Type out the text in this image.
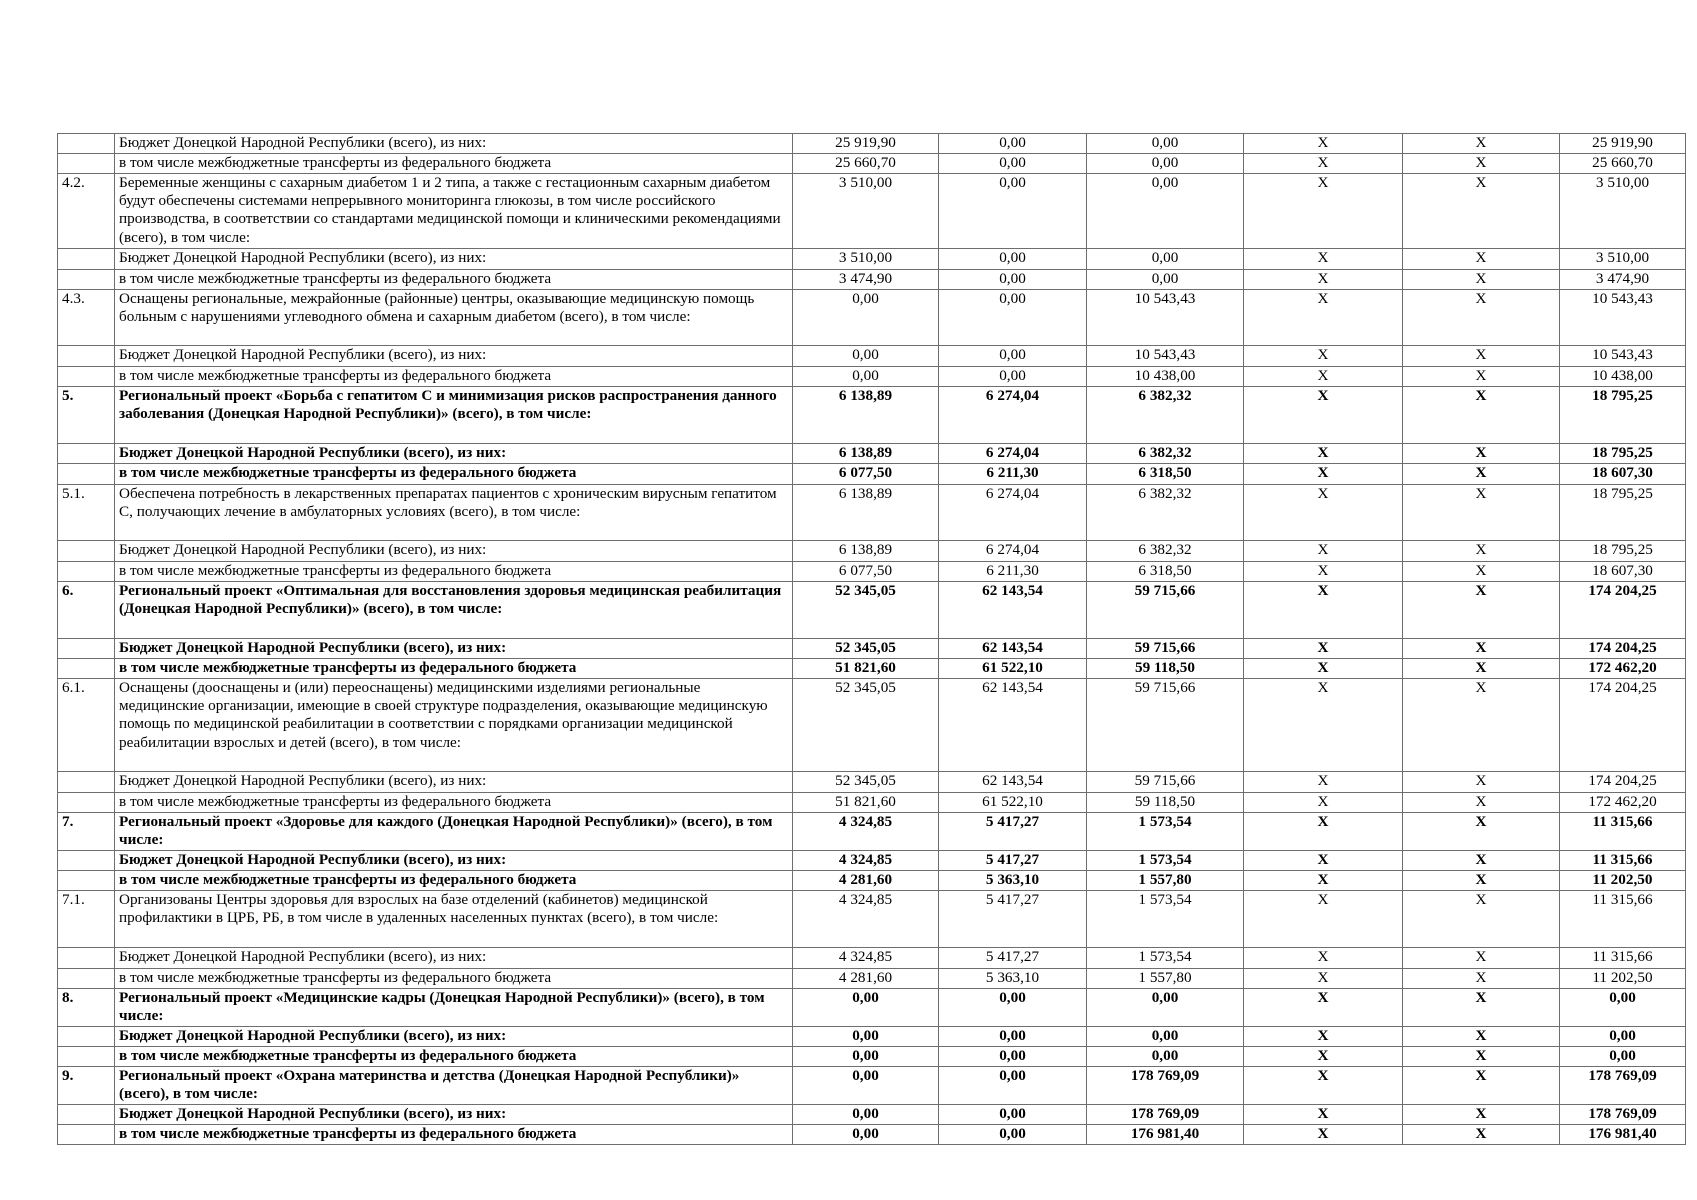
	Бюджет Донецкой Народной Республики (всего), из них:	25 919,90	0,00	0,00	X	X	25 919,90
	в том числе межбюджетные трансферты из федерального бюджета	25 660,70	0,00	0,00	X	X	25 660,70
4.2.	Беременные женщины с сахарным диабетом 1 и 2 типа, а также с гестационным сахарным диабетом будут обеспечены системами непрерывного мониторинга глюкозы, в том числе российского производства, в соответствии со стандартами медицинской помощи и клиническими рекомендациями (всего), в том числе:	3 510,00	0,00	0,00	X	X	3 510,00
	Бюджет Донецкой Народной Республики (всего), из них:	3 510,00	0,00	0,00	X	X	3 510,00
	в том числе межбюджетные трансферты из федерального бюджета	3 474,90	0,00	0,00	X	X	3 474,90
4.3.	Оснащены региональные, межрайонные (районные) центры, оказывающие медицинскую помощь больным с нарушениями углеводного обмена и сахарным диабетом (всего), в том числе:	0,00	0,00	10 543,43	X	X	10 543,43
	Бюджет Донецкой Народной Республики (всего), из них:	0,00	0,00	10 543,43	X	X	10 543,43
	в том числе межбюджетные трансферты из федерального бюджета	0,00	0,00	10 438,00	X	X	10 438,00
5.	Региональный проект «Борьба с гепатитом С и минимизация рисков распространения данного заболевания (Донецкая Народной Республики)» (всего), в том числе:	6 138,89	6 274,04	6 382,32	X	X	18 795,25
	Бюджет Донецкой Народной Республики (всего), из них:	6 138,89	6 274,04	6 382,32	X	X	18 795,25
	в том числе межбюджетные трансферты из федерального бюджета	6 077,50	6 211,30	6 318,50	X	X	18 607,30
5.1.	Обеспечена потребность в лекарственных препаратах пациентов с хроническим вирусным гепатитом С, получающих лечение в амбулаторных условиях (всего), в том числе:	6 138,89	6 274,04	6 382,32	X	X	18 795,25
	Бюджет Донецкой Народной Республики (всего), из них:	6 138,89	6 274,04	6 382,32	X	X	18 795,25
	в том числе межбюджетные трансферты из федерального бюджета	6 077,50	6 211,30	6 318,50	X	X	18 607,30
6.	Региональный проект «Оптимальная для восстановления здоровья медицинская реабилитация (Донецкая Народной Республики)» (всего), в том числе:	52 345,05	62 143,54	59 715,66	X	X	174 204,25
	Бюджет Донецкой Народной Республики (всего), из них:	52 345,05	62 143,54	59 715,66	X	X	174 204,25
	в том числе межбюджетные трансферты из федерального бюджета	51 821,60	61 522,10	59 118,50	X	X	172 462,20
6.1.	Оснащены (дооснащены и (или) переоснащены) медицинскими изделиями региональные медицинские организации, имеющие в своей структуре подразделения, оказывающие медицинскую помощь по медицинской реабилитации в соответствии с порядками организации медицинской реабилитации взрослых и детей (всего), в том числе:	52 345,05	62 143,54	59 715,66	X	X	174 204,25
	Бюджет Донецкой Народной Республики (всего), из них:	52 345,05	62 143,54	59 715,66	X	X	174 204,25
	в том числе межбюджетные трансферты из федерального бюджета	51 821,60	61 522,10	59 118,50	X	X	172 462,20
7.	Региональный проект «Здоровье для каждого (Донецкая Народной Республики)» (всего), в том числе:	4 324,85	5 417,27	1 573,54	X	X	11 315,66
	Бюджет Донецкой Народной Республики (всего), из них:	4 324,85	5 417,27	1 573,54	X	X	11 315,66
	в том числе межбюджетные трансферты из федерального бюджета	4 281,60	5 363,10	1 557,80	X	X	11 202,50
7.1.	Организованы Центры здоровья для взрослых на базе отделений (кабинетов) медицинской профилактики в ЦРБ, РБ, в том числе в удаленных населенных пунктах (всего), в том числе:	4 324,85	5 417,27	1 573,54	X	X	11 315,66
	Бюджет Донецкой Народной Республики (всего), из них:	4 324,85	5 417,27	1 573,54	X	X	11 315,66
	в том числе межбюджетные трансферты из федерального бюджета	4 281,60	5 363,10	1 557,80	X	X	11 202,50
8.	Региональный проект «Медицинские кадры (Донецкая Народной Республики)» (всего), в том числе:	0,00	0,00	0,00	X	X	0,00
	Бюджет Донецкой Народной Республики (всего), из них:	0,00	0,00	0,00	X	X	0,00
	в том числе межбюджетные трансферты из федерального бюджета	0,00	0,00	0,00	X	X	0,00
9.	Региональный проект «Охрана материнства и детства (Донецкая Народной Республики)» (всего), в том числе:	0,00	0,00	178 769,09	X	X	178 769,09
	Бюджет Донецкой Народной Республики (всего), из них:	0,00	0,00	178 769,09	X	X	178 769,09
	в том числе межбюджетные трансферты из федерального бюджета	0,00	0,00	176 981,40	X	X	176 981,40
